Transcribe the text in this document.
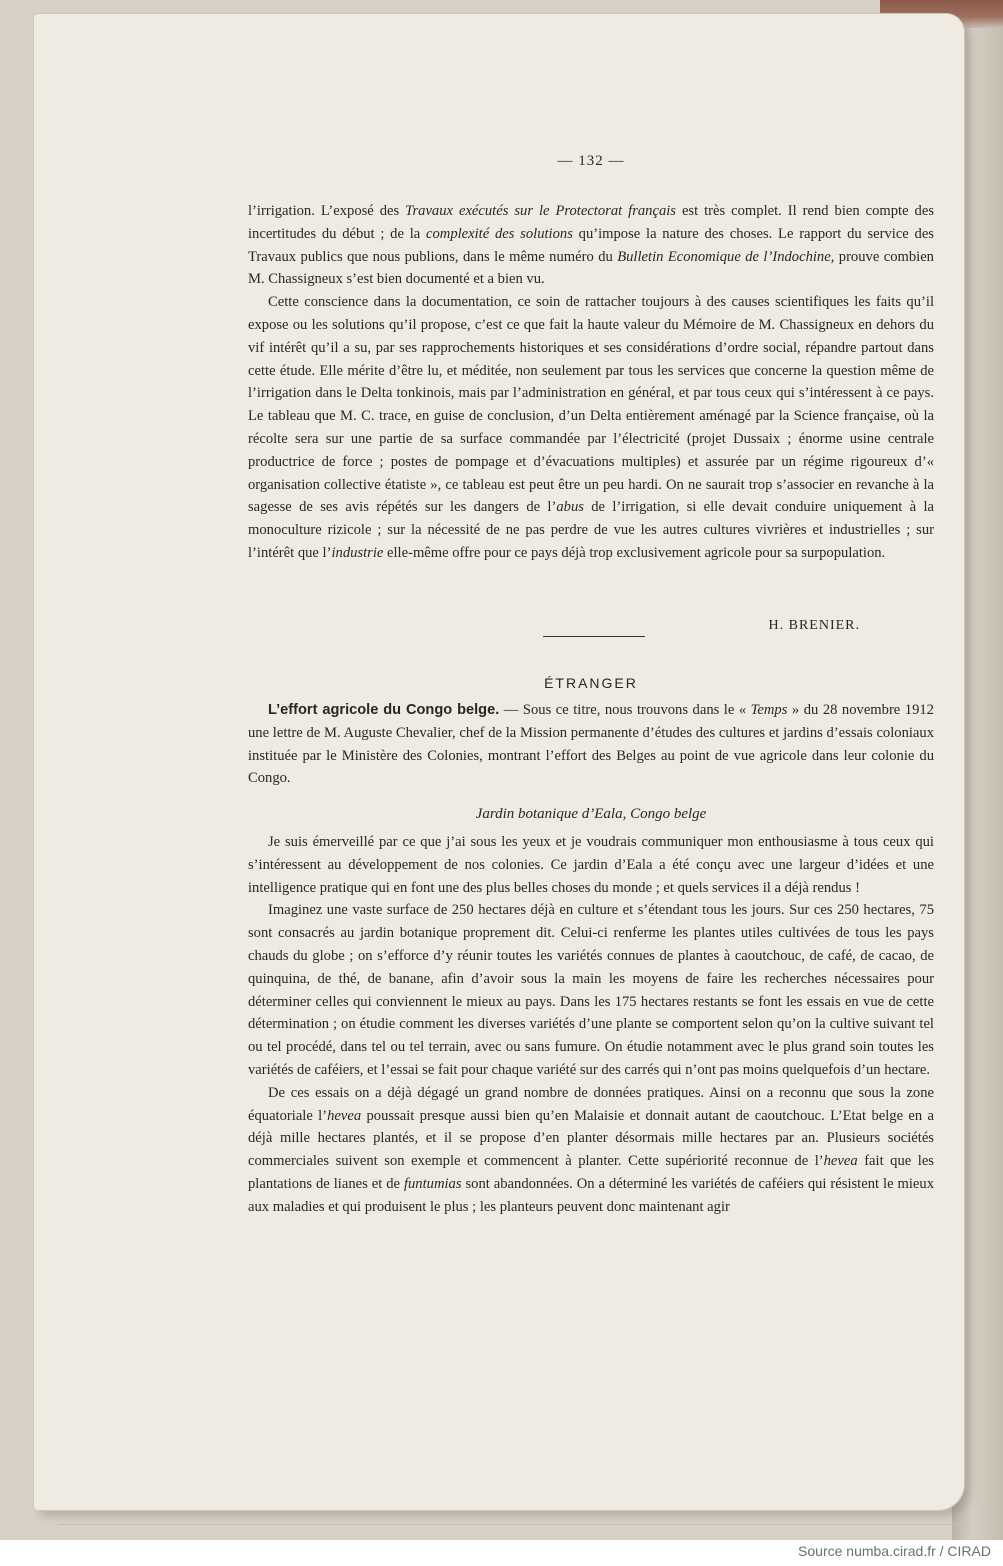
— 132 —

l’irrigation. L’exposé des Travaux exécutés sur le Protectorat français est très complet. Il rend bien compte des incertitudes du début ; de la complexité des solutions qu’impose la nature des choses. Le rapport du service des Travaux publics que nous publions, dans le même numéro du Bulletin Economique de l’Indochine, prouve combien M. Chassigneux s’est bien documenté et a bien vu.

Cette conscience dans la documentation, ce soin de rattacher toujours à des causes scientifiques les faits qu’il expose ou les solutions qu’il propose, c’est ce que fait la haute valeur du Mémoire de M. Chassigneux en dehors du vif intérêt qu’il a su, par ses rapprochements historiques et ses considérations d’ordre social, répandre partout dans cette étude. Elle mérite d’être lu, et méditée, non seulement par tous les services que concerne la question même de l’irrigation dans le Delta tonkinois, mais par l’administration en général, et par tous ceux qui s’intéressent à ce pays. Le tableau que M. C. trace, en guise de conclusion, d’un Delta entièrement aménagé par la Science française, où la récolte sera sur une partie de sa surface commandée par l’électricité (projet Dussaix ; énorme usine centrale productrice de force ; postes de pompage et d’évacuations multiples) et assurée par un régime rigoureux d’« organisation collective étatiste », ce tableau est peut être un peu hardi. On ne saurait trop s’associer en revanche à la sagesse de ses avis répétés sur les dangers de l’abus de l’irrigation, si elle devait conduire uniquement à la monoculture rizicole ; sur la nécessité de ne pas perdre de vue les autres cultures vivrières et industrielles ; sur l’intérêt que l’industrie elle-même offre pour ce pays déjà trop exclusivement agricole pour sa surpopulation.

H. BRENIER.
ÉTRANGER

L’effort agricole du Congo belge. — Sous ce titre, nous trouvons dans le « Temps » du 28 novembre 1912 une lettre de M. Auguste Chevalier, chef de la Mission permanente d’études des cultures et jardins d’essais coloniaux instituée par le Ministère des Colonies, montrant l’effort des Belges au point de vue agricole dans leur colonie du Congo.

Jardin botanique d’Eala, Congo belge

Je suis émerveillé par ce que j’ai sous les yeux et je voudrais communiquer mon enthousiasme à tous ceux qui s’intéressent au développement de nos colonies. Ce jardin d’Eala a été conçu avec une largeur d’idées et une intelligence pratique qui en font une des plus belles choses du monde ; et quels services il a déjà rendus !

Imaginez une vaste surface de 250 hectares déjà en culture et s’étendant tous les jours. Sur ces 250 hectares, 75 sont consacrés au jardin botanique proprement dit. Celui-ci renferme les plantes utiles cultivées de tous les pays chauds du globe ; on s’efforce d’y réunir toutes les variétés connues de plantes à caoutchouc, de café, de cacao, de quinquina, de thé, de banane, afin d’avoir sous la main les moyens de faire les recherches nécessaires pour déterminer celles qui conviennent le mieux au pays. Dans les 175 hectares restants se font les essais en vue de cette détermination ; on étudie comment les diverses variétés d’une plante se comportent selon qu’on la cultive suivant tel ou tel procédé, dans tel ou tel terrain, avec ou sans fumure. On étudie notamment avec le plus grand soin toutes les variétés de caféiers, et l’essai se fait pour chaque variété sur des carrés qui n’ont pas moins quelquefois d’un hectare.

De ces essais on a déjà dégagé un grand nombre de données pratiques. Ainsi on a reconnu que sous la zone équatoriale l’hevea poussait presque aussi bien qu’en Malaisie et donnait autant de caoutchouc. L’Etat belge en a déjà mille hectares plantés, et il se propose d’en planter désormais mille hectares par an. Plusieurs sociétés commerciales suivent son exemple et commencent à planter. Cette supériorité reconnue de l’hevea fait que les plantations de lianes et de funtumias sont abandonnées. On a déterminé les variétés de caféiers qui résistent le mieux aux maladies et qui produisent le plus ; les planteurs peuvent donc maintenant agir

Source numba.cirad.fr / CIRAD
